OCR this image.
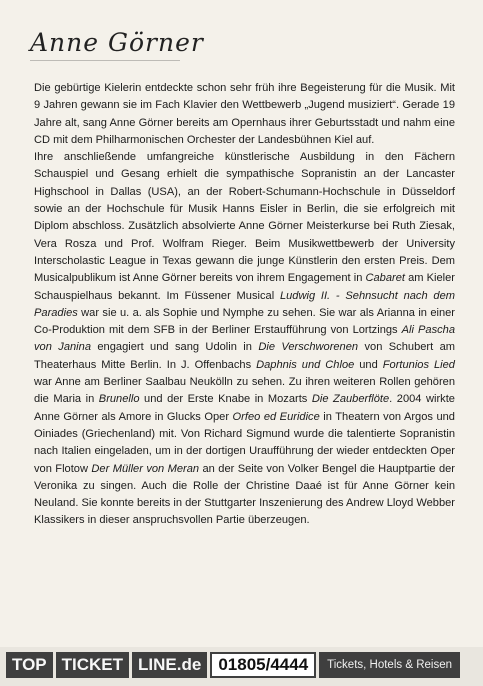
Anne Görner

Die gebürtige Kielerin entdeckte schon sehr früh ihre Begeisterung für die Musik. Mit 9 Jahren gewann sie im Fach Klavier den Wettbewerb „Jugend musiziert“. Gerade 19 Jahre alt, sang Anne Görner bereits am Opernhaus ihrer Geburtsstadt und nahm eine CD mit dem Philharmonischen Orchester der Landesbühnen Kiel auf.

Ihre anschließende umfangreiche künstlerische Ausbildung in den Fächern Schauspiel und Gesang erhielt die sympathische Sopranistin an der Lancaster Highschool in Dallas (USA), an der Robert-Schumann-Hochschule in Düsseldorf sowie an der Hochschule für Musik Hanns Eisler in Berlin, die sie erfolgreich mit Diplom abschloss. Zusätzlich absolvierte Anne Görner Meisterkurse bei Ruth Ziesak, Vera Rosza und Prof. Wolfram Rieger. Beim Musikwettbewerb der University Interscholastic League in Texas gewann die junge Künstlerin den ersten Preis. Dem Musicalpublikum ist Anne Görner bereits von ihrem Engagement in Cabaret am Kieler Schauspielhaus bekannt. Im Füssener Musical Ludwig II. - Sehnsucht nach dem Paradies war sie u. a. als Sophie und Nymphe zu sehen. Sie war als Arianna in einer Co-Produktion mit dem SFB in der Berliner Erstaufführung von Lortzings Ali Pascha von Janina engagiert und sang Udolin in Die Verschworenen von Schubert am Theaterhaus Mitte Berlin. In J. Offenbachs Daphnis und Chloe und Fortunios Lied war Anne am Berliner Saalbau Neukölln zu sehen. Zu ihren weiteren Rollen gehören die Maria in Brunello und der Erste Knabe in Mozarts Die Zauberflöte. 2004 wirkte Anne Görner als Amore in Glucks Oper Orfeo ed Euridice in Theatern von Argos und Oiniades (Griechenland) mit. Von Richard Sigmund wurde die talentierte Sopranistin nach Italien eingeladen, um in der dortigen Uraufführung der wieder entdeckten Oper von Flotow Der Müller von Meran an der Seite von Volker Bengel die Hauptpartie der Veronika zu singen. Auch die Rolle der Christine Daaé ist für Anne Görner kein Neuland. Sie konnte bereits in der Stuttgarter Inszenierung des Andrew Lloyd Webber Klassikers in dieser anspruchsvollen Partie überzeugen.

TOP TICKET LINE.de	01805/4444	Tickets, Hotels & Reisen
